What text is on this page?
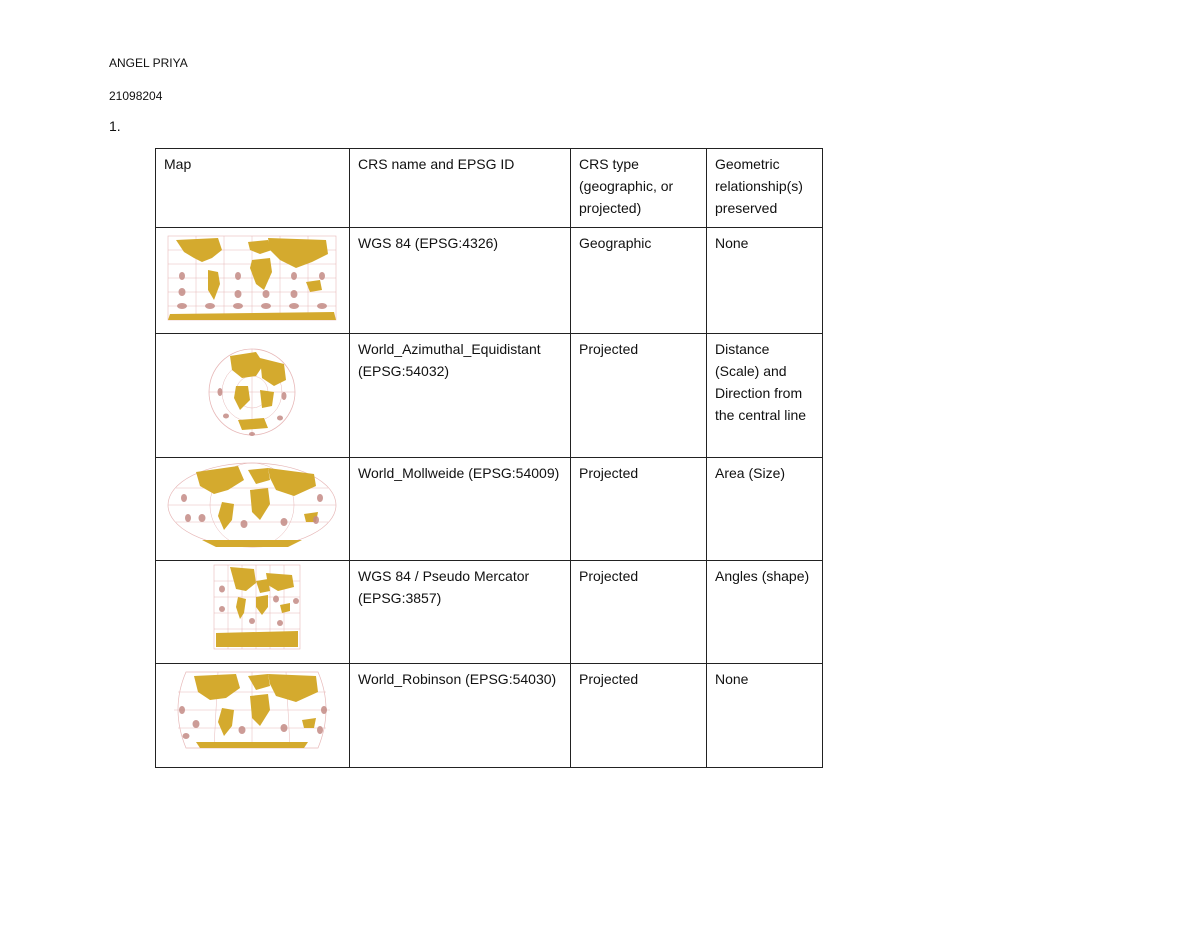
ANGEL PRIYA
21098204
1.
Map	CRS name and EPSG ID	CRS type (geographic, or projected)	Geometric relationship(s) preserved

	WGS 84 (EPSG:4326)	Geographic	None

	World_Azimuthal_Equidistant (EPSG:54032)	Projected	Distance (Scale) and Direction from the central line

	World_Mollweide (EPSG:54009)	Projected	Area (Size)

	WGS 84 / Pseudo Mercator (EPSG:3857)	Projected	Angles (shape)

	World_Robinson (EPSG:54030)	Projected	None
